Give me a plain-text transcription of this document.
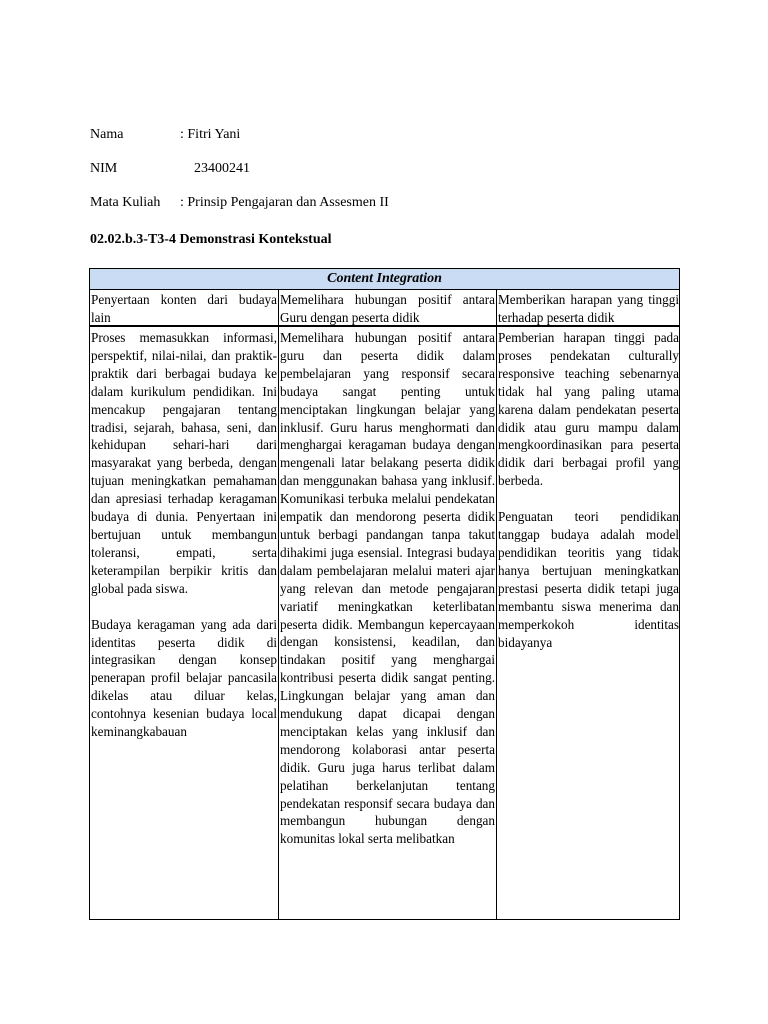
Nama	: Fitri Yani
NIM	23400241
Mata Kuliah : Prinsip Pengajaran dan Assesmen II
02.02.b.3-T3-4 Demonstrasi Kontekstual
Content Integration

Penyertaan konten dari budaya lain

Memelihara hubungan positif antara Guru dengan peserta didik

Memberikan harapan yang tinggi terhadap peserta didik

Proses memasukkan informasi, perspektif, nilai-nilai, dan praktik-praktik dari berbagai budaya ke dalam kurikulum pendidikan. Ini mencakup pengajaran tentang tradisi, sejarah, bahasa, seni, dan kehidupan sehari-hari dari masyarakat yang berbeda, dengan tujuan meningkatkan pemahaman dan apresiasi terhadap keragaman budaya di dunia. Penyertaan ini bertujuan untuk membangun toleransi, empati, serta keterampilan berpikir kritis dan global pada siswa.

Budaya keragaman yang ada dari identitas peserta didik di integrasikan dengan konsep penerapan profil belajar pancasila dikelas atau diluar kelas, contohnya kesenian budaya local keminangkabauan

Memelihara hubungan positif antara guru dan peserta didik dalam pembelajaran yang responsif secara budaya sangat penting untuk menciptakan lingkungan belajar yang inklusif. Guru harus menghormati dan menghargai keragaman budaya dengan mengenali latar belakang peserta didik dan menggunakan bahasa yang inklusif. Komunikasi terbuka melalui pendekatan empatik dan mendorong peserta didik untuk berbagi pandangan tanpa takut dihakimi juga esensial. Integrasi budaya dalam pembelajaran melalui materi ajar yang relevan dan metode pengajaran variatif meningkatkan keterlibatan peserta didik. Membangun kepercayaan dengan konsistensi, keadilan, dan tindakan positif yang menghargai kontribusi peserta didik sangat penting. Lingkungan belajar yang aman dan mendukung dapat dicapai dengan menciptakan kelas yang inklusif dan mendorong kolaborasi antar peserta didik. Guru juga harus terlibat dalam pelatihan berkelanjutan tentang pendekatan responsif secara budaya dan membangun hubungan dengan komunitas lokal serta melibatkan

Pemberian harapan tinggi pada proses pendekatan culturally responsive teaching sebenarnya tidak hal yang paling utama karena dalam pendekatan peserta didik atau guru mampu dalam mengkoordinasikan para peserta didik dari berbagai profil yang berbeda.

Penguatan teori pendidikan tanggap budaya adalah model pendidikan teoritis yang tidak hanya bertujuan meningkatkan prestasi peserta didik tetapi juga membantu siswa menerima dan memperkokoh identitas bidayanya
